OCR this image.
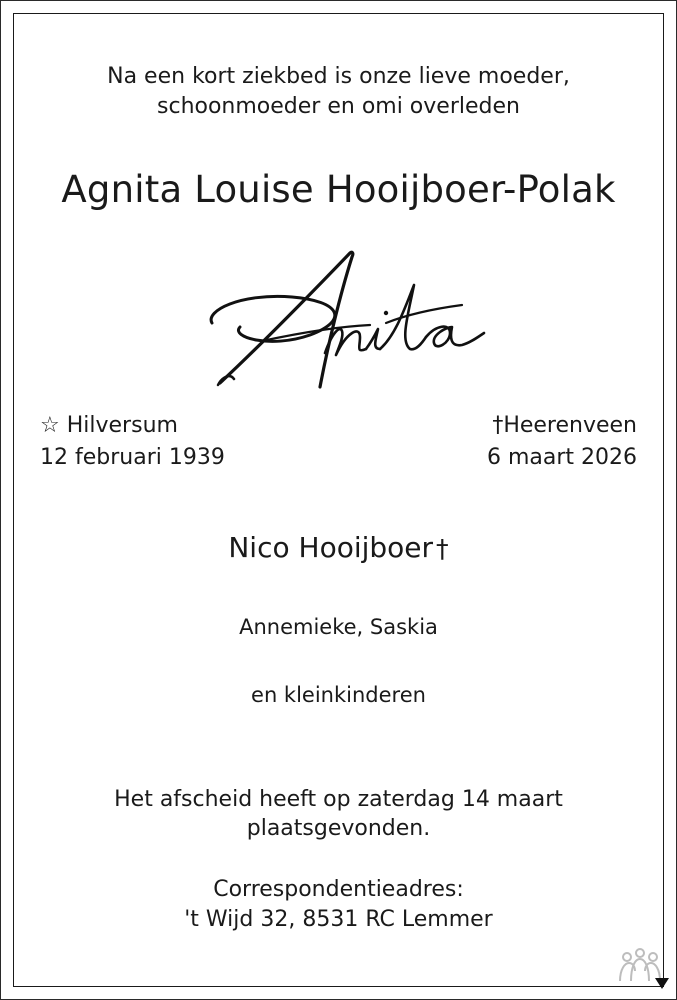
Na een kort ziekbed is onze lieve moeder,
schoonmoeder en omi overleden
Agnita Louise Hooijboer-Polak
☆ Hilversum
12 februari 1939
†Heerenveen
6 maart 2026
Nico Hooijboer †
Annemieke, Saskia
en kleinkinderen
Het afscheid heeft op zaterdag 14 maart
plaatsgevonden.
Correspondentieadres:
't Wijd 32, 8531 RC Lemmer
